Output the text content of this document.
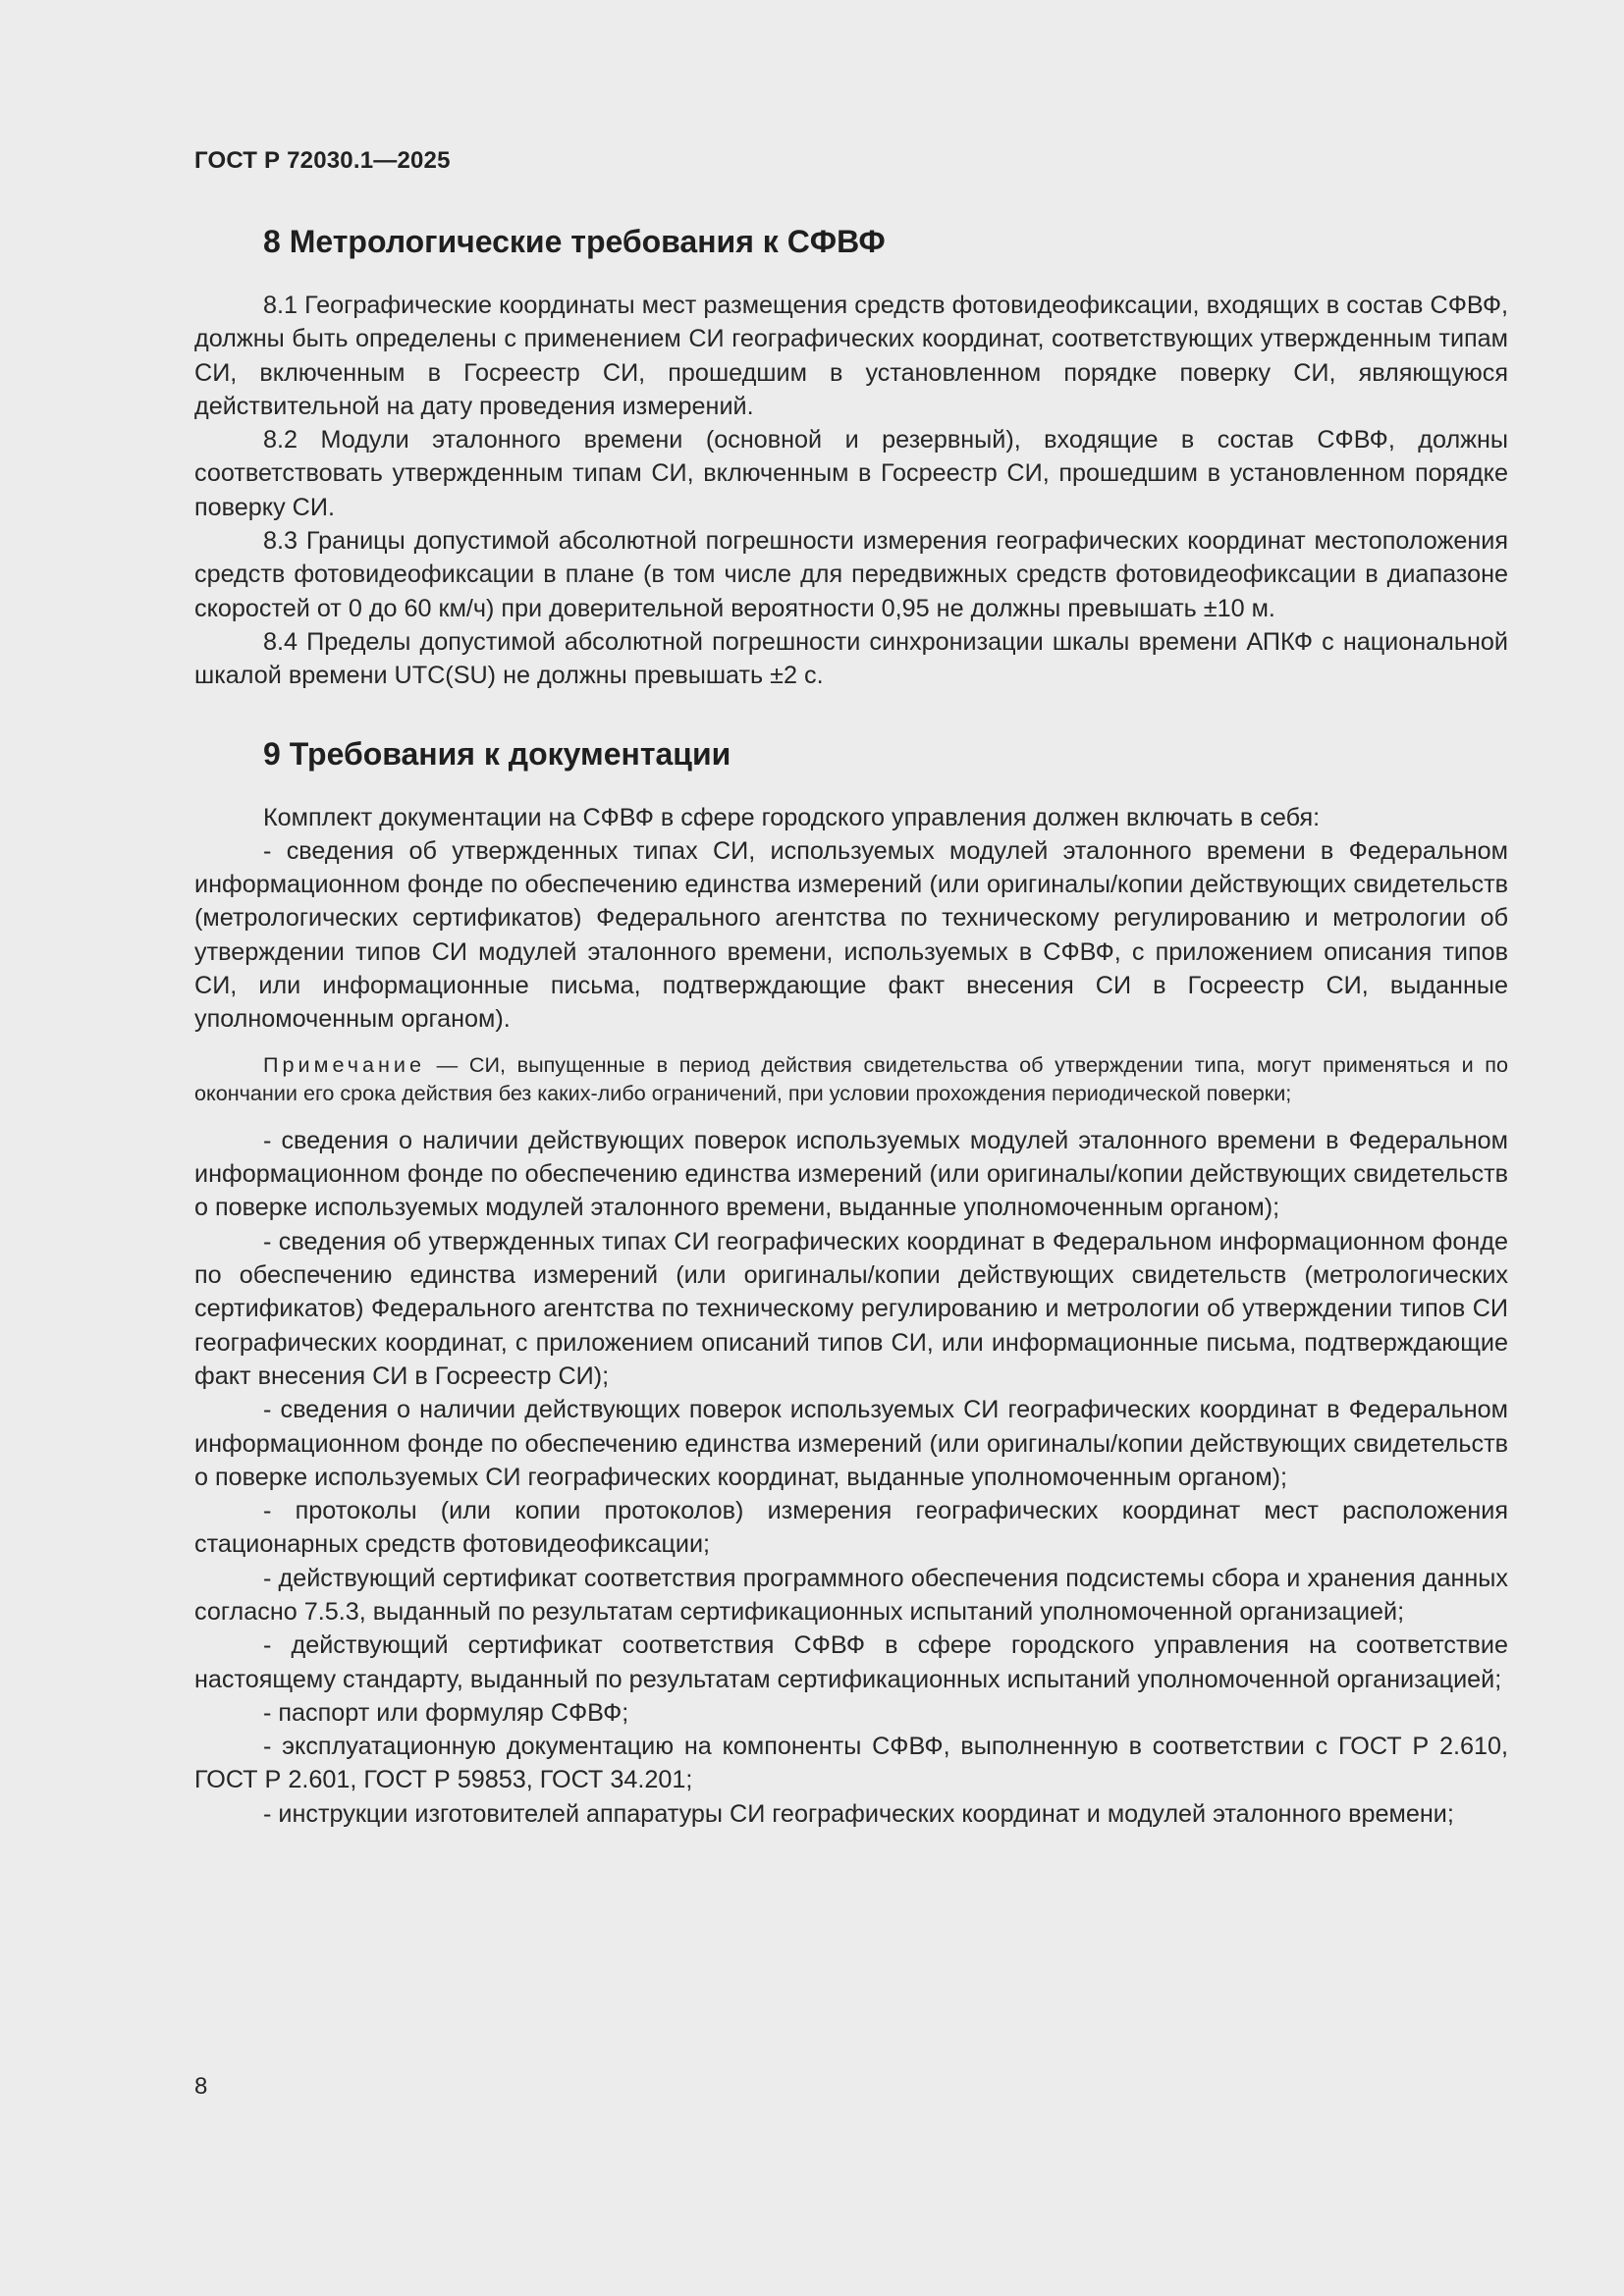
ГОСТ Р 72030.1—2025
8 Метрологические требования к СФВФ

8.1 Географические координаты мест размещения средств фотовидеофиксации, входящих в состав СФВФ, должны быть определены с применением СИ географических координат, соответствующих утвержденным типам СИ, включенным в Госреестр СИ, прошедшим в установленном порядке поверку СИ, являющуюся действительной на дату проведения измерений.

8.2 Модули эталонного времени (основной и резервный), входящие в состав СФВФ, должны соответствовать утвержденным типам СИ, включенным в Госреестр СИ, прошедшим в установленном порядке поверку СИ.

8.3 Границы допустимой абсолютной погрешности измерения географических координат местоположения средств фотовидеофиксации в плане (в том числе для передвижных средств фотовидеофиксации в диапазоне скоростей от 0 до 60 км/ч) при доверительной вероятности 0,95 не должны превышать ±10 м.

8.4 Пределы допустимой абсолютной погрешности синхронизации шкалы времени АПКФ с национальной шкалой времени UTC(SU) не должны превышать ±2 с.

9 Требования к документации

Комплект документации на СФВФ в сфере городского управления должен включать в себя:

- сведения об утвержденных типах СИ, используемых модулей эталонного времени в Федеральном информационном фонде по обеспечению единства измерений (или оригиналы/копии действующих свидетельств (метрологических сертификатов) Федерального агентства по техническому регулированию и метрологии об утверждении типов СИ модулей эталонного времени, используемых в СФВФ, с приложением описания типов СИ, или информационные письма, подтверждающие факт внесения СИ в Госреестр СИ, выданные уполномоченным органом).

Примечание — СИ, выпущенные в период действия свидетельства об утверждении типа, могут применяться и по окончании его срока действия без каких-либо ограничений, при условии прохождения периодической поверки;

- сведения о наличии действующих поверок используемых модулей эталонного времени в Федеральном информационном фонде по обеспечению единства измерений (или оригиналы/копии действующих свидетельств о поверке используемых модулей эталонного времени, выданные уполномоченным органом);

- сведения об утвержденных типах СИ географических координат в Федеральном информационном фонде по обеспечению единства измерений (или оригиналы/копии действующих свидетельств (метрологических сертификатов) Федерального агентства по техническому регулированию и метрологии об утверждении типов СИ географических координат, с приложением описаний типов СИ, или информационные письма, подтверждающие факт внесения СИ в Госреестр СИ);

- сведения о наличии действующих поверок используемых СИ географических координат в Федеральном информационном фонде по обеспечению единства измерений (или оригиналы/копии действующих свидетельств о поверке используемых СИ географических координат, выданные уполномоченным органом);

- протоколы (или копии протоколов) измерения географических координат мест расположения стационарных средств фотовидеофиксации;

- действующий сертификат соответствия программного обеспечения подсистемы сбора и хранения данных согласно 7.5.3, выданный по результатам сертификационных испытаний уполномоченной организацией;

- действующий сертификат соответствия СФВФ в сфере городского управления на соответствие настоящему стандарту, выданный по результатам сертификационных испытаний уполномоченной организацией;

- паспорт или формуляр СФВФ;

- эксплуатационную документацию на компоненты СФВФ, выполненную в соответствии с ГОСТ Р 2.610, ГОСТ Р 2.601, ГОСТ Р 59853, ГОСТ 34.201;

- инструкции изготовителей аппаратуры СИ географических координат и модулей эталонного времени;

8
